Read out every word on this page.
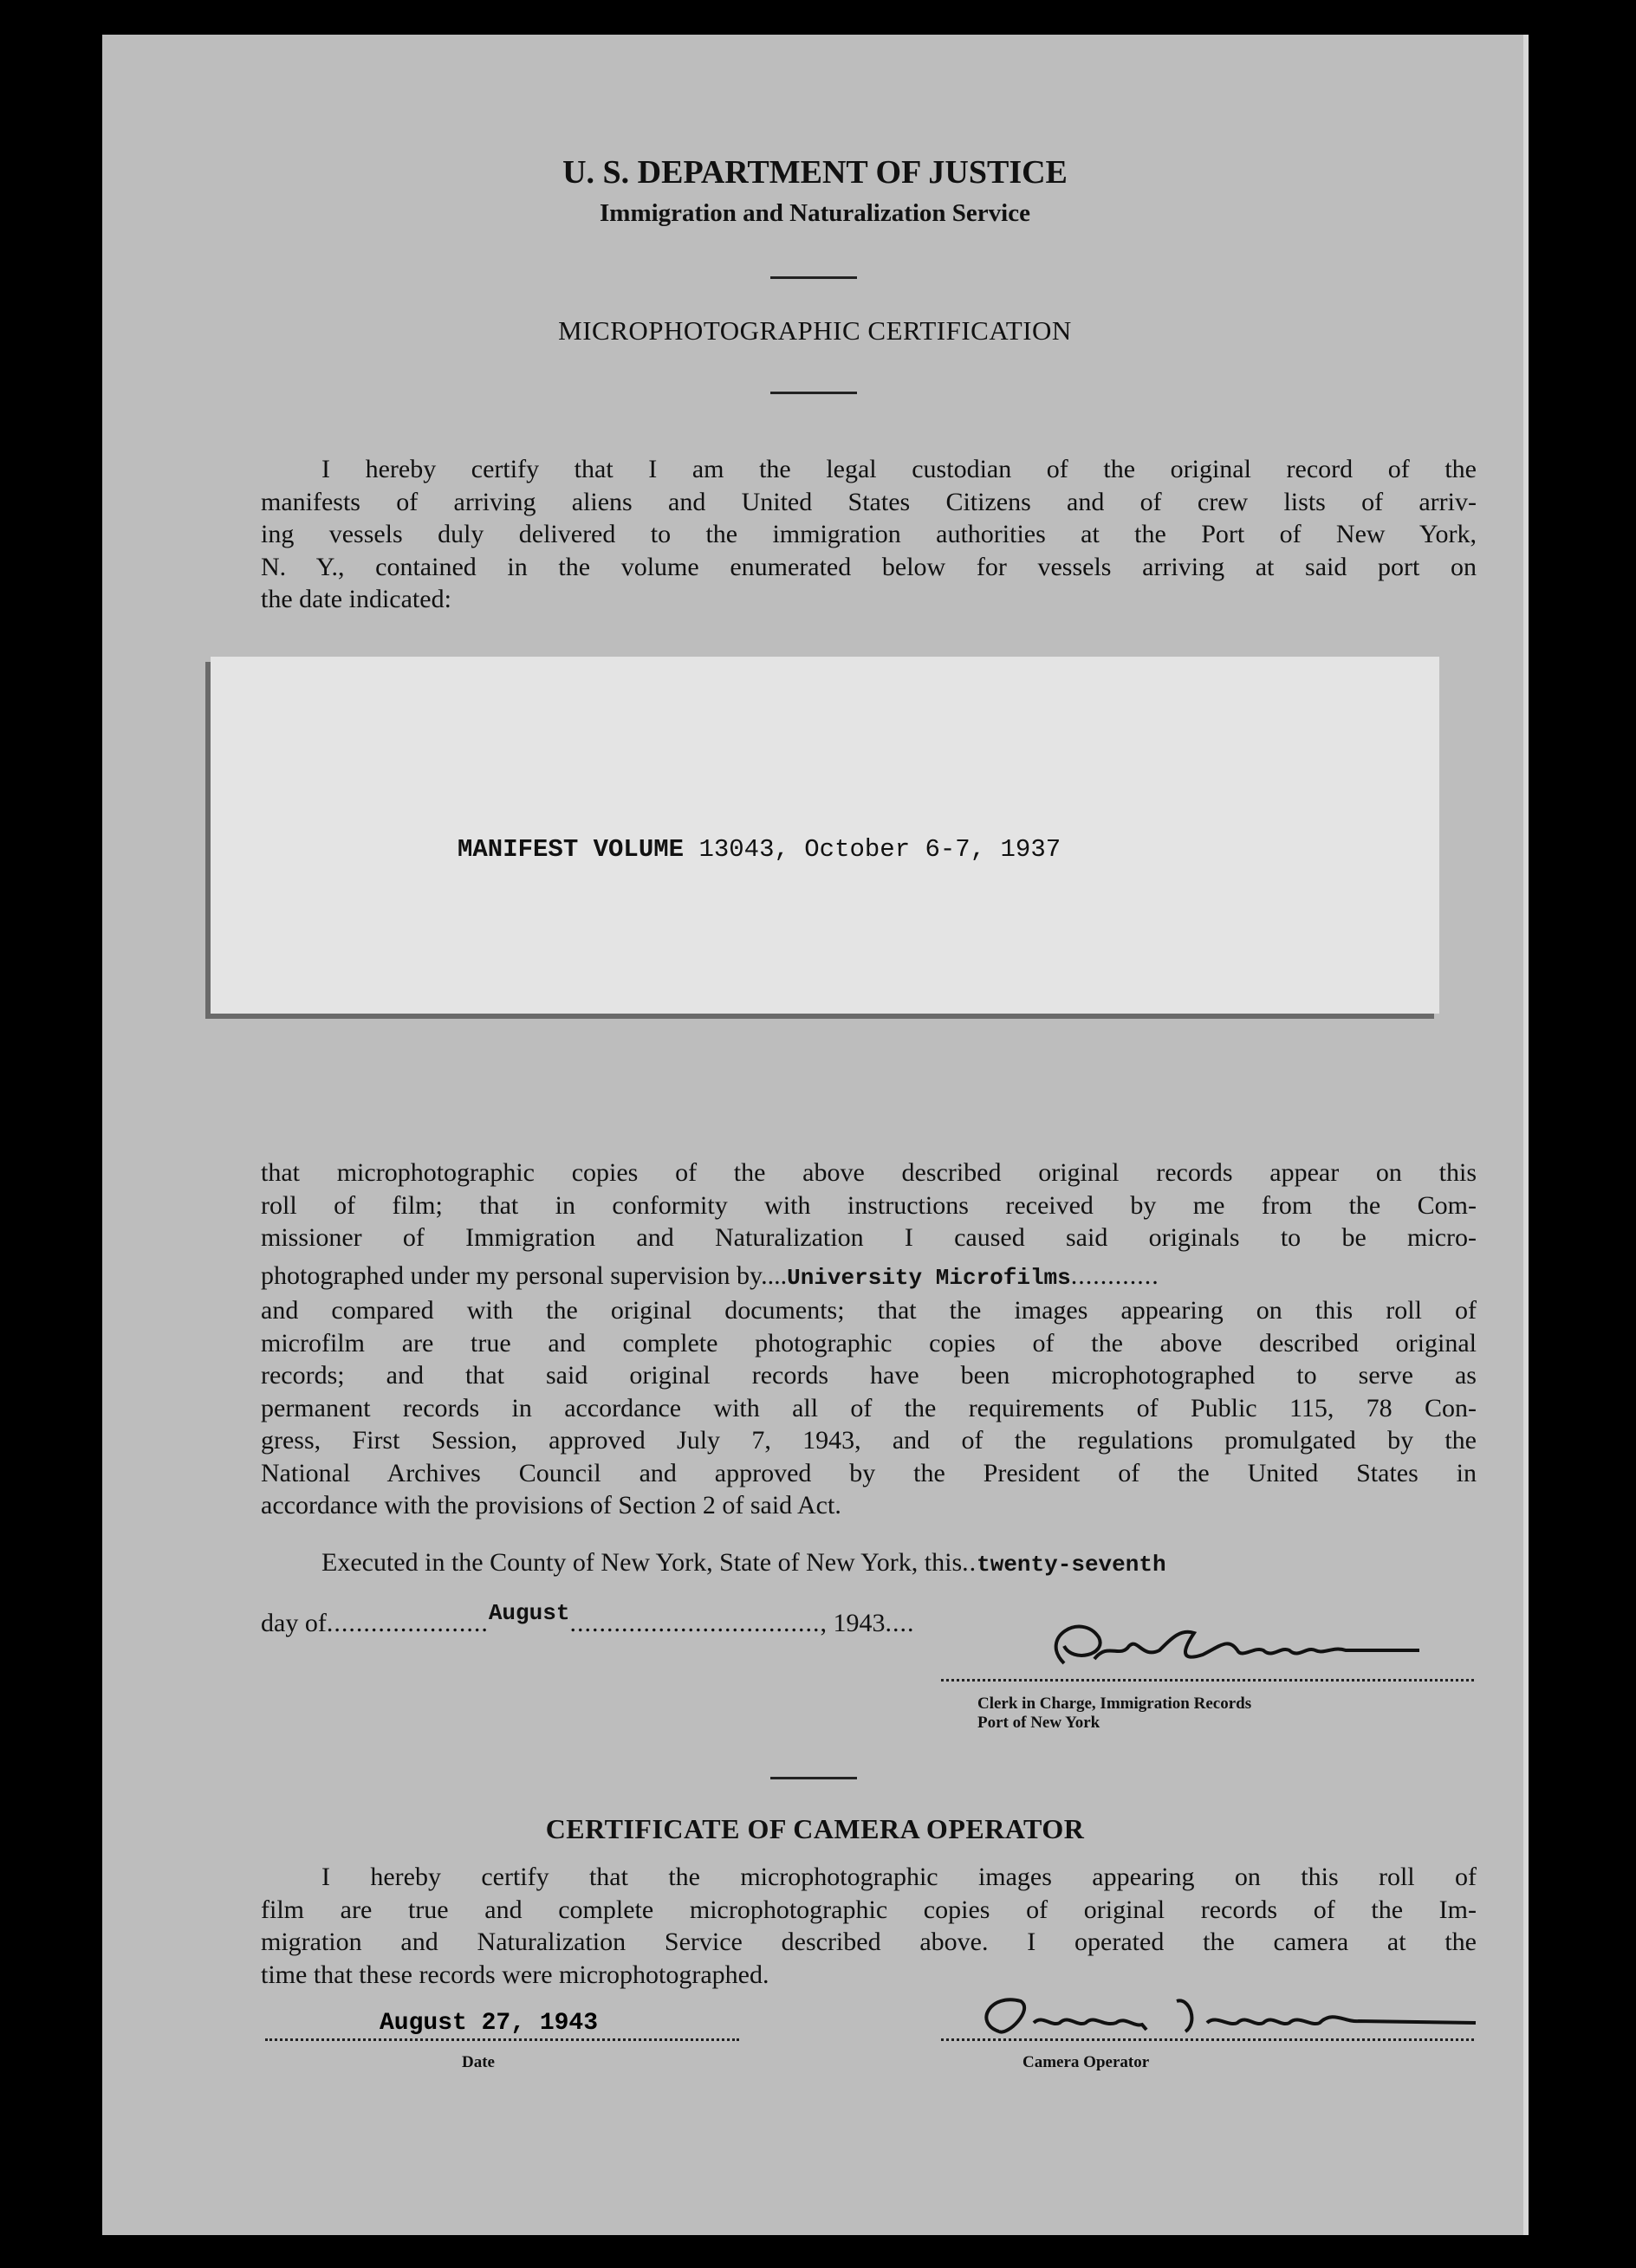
U. S. DEPARTMENT OF JUSTICE
Immigration and Naturalization Service
MICROPHOTOGRAPHIC CERTIFICATION
I hereby certify that I am the legal custodian of the original record of the
manifests of arriving aliens and United States Citizens and of crew lists of arriv-
ing vessels duly delivered to the immigration authorities at the Port of New York,
N. Y., contained in the volume enumerated below for vessels arriving at said port on
the date indicated:
MANIFEST VOLUME 13043, October 6-7, 1937
that microphotographic copies of the above described original records appear on this
roll of film; that in conformity with instructions received by me from the Com-
missioner of Immigration and Naturalization I caused said originals to be micro-
photographed under my personal supervision by....University Microfilms............
and compared with the original documents; that the images appearing on this roll of
microfilm are true and complete photographic copies of the above described original
records; and that said original records have been microphotographed to serve as
permanent records in accordance with all of the requirements of Public 115, 78 Con-
gress, First Session, approved July 7, 1943, and of the regulations promulgated by the
National Archives Council and approved by the President of the United States in
accordance with the provisions of Section 2 of said Act.
Executed in the County of New York, State of New York, this..twenty-seventh
day of......................August.................................., 1943....
Clerk in Charge, Immigration Records
Port of New York
CERTIFICATE OF CAMERA OPERATOR
I hereby certify that the microphotographic images appearing on this roll of
film are true and complete microphotographic copies of original records of the Im-
migration and Naturalization Service described above. I operated the camera at the
time that these records were microphotographed.
August 27, 1943
Date	Camera Operator
